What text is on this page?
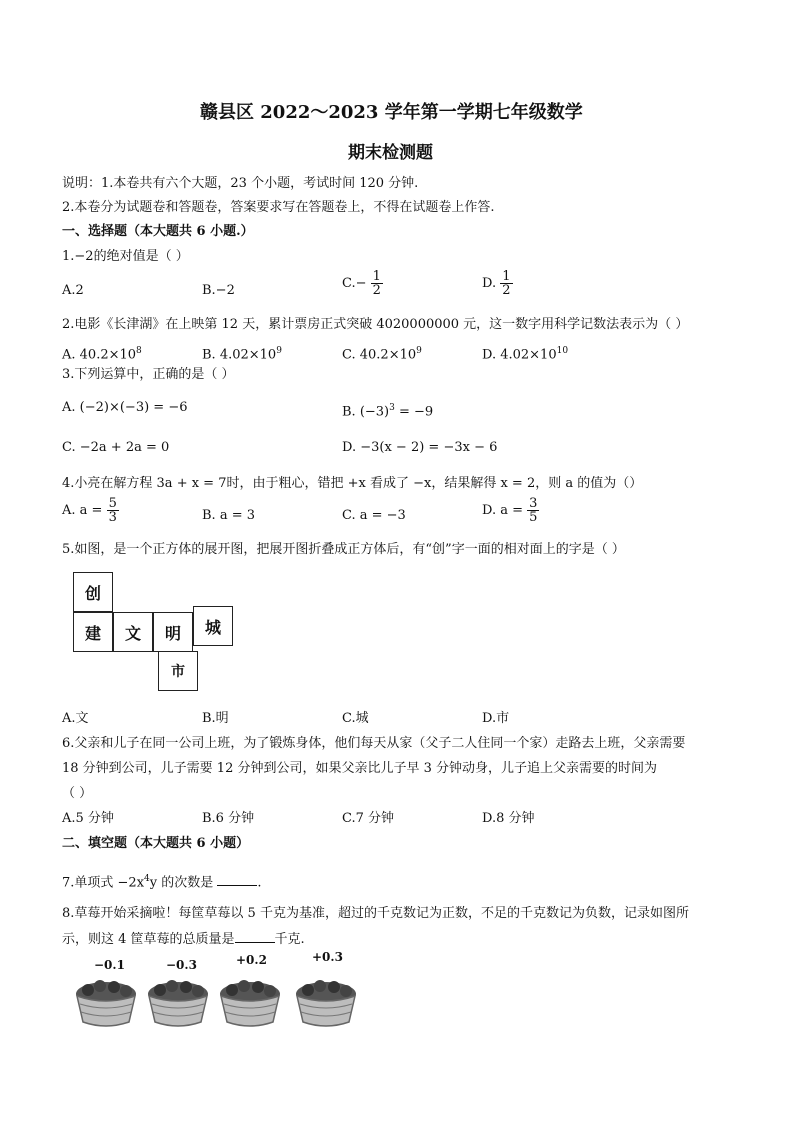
赣县区 2022～2023 学年第一学期七年级数学
期末检测题
说明：1.本卷共有六个大题，23 个小题，考试时间 120 分钟.
2.本卷分为试题卷和答题卷，答案要求写在答题卷上，不得在试题卷上作答.
一、选择题（本大题共 6 小题.）
1.−2的绝对值是（ ）
A.2	B.−2	$C.- \frac{1}{2}$	D. $\frac{1}{2}$
2.电影《长津湖》在上映第 12 天，累计票房正式突破 4020000000 元，这一数字用科学记数法表示为（ ）
A. $40.2\times 10^8$	B. $4.02\times 10^9$	C. $40.2\times 10^9$	D. $4.02\times 10^{10}$
3.下列运算中，正确的是（ ）
A. (−2)×(−3) = −6	B. $(-3)^3 = -9$
C. −2a + 2a = 0	D. −3(x − 2) = −3x − 6
4.小亮在解方程 3a + x = 7时，由于粗心，错把 +x 看成了 −x，结果解得 x = 2，则 a 的值为（）
A. $a = \frac{5}{3}$	B. a = 3	C. a = −3	D. $a = \frac{3}{5}$
5.如图，是一个正方体的展开图，把展开图折叠成正方体后，有“创”字一面的相对面上的字是（ ）
创
建	文	明	城
市
A.文	B.明	C.城	D.市
6.父亲和儿子在同一公司上班，为了锻炼身体，他们每天从家（父子二人住同一个家）走路去上班，父亲需要
18 分钟到公司，儿子需要 12 分钟到公司，如果父亲比儿子早 3 分钟动身，儿子追上父亲需要的时间为
（ ）
A.5 分钟	B.6 分钟	C.7 分钟	D.8 分钟
二、填空题（本大题共 6 小题）
7.单项式 $-2x^4y$ 的次数是	.
8.草莓开始采摘啦！每筐草莓以 5 千克为基准，超过的千克数记为正数，不足的千克数记为负数，记录如图所
示，则这 4 筐草莓的总质量是	千克.
−0.1	−0.3	+0.2	+0.3
